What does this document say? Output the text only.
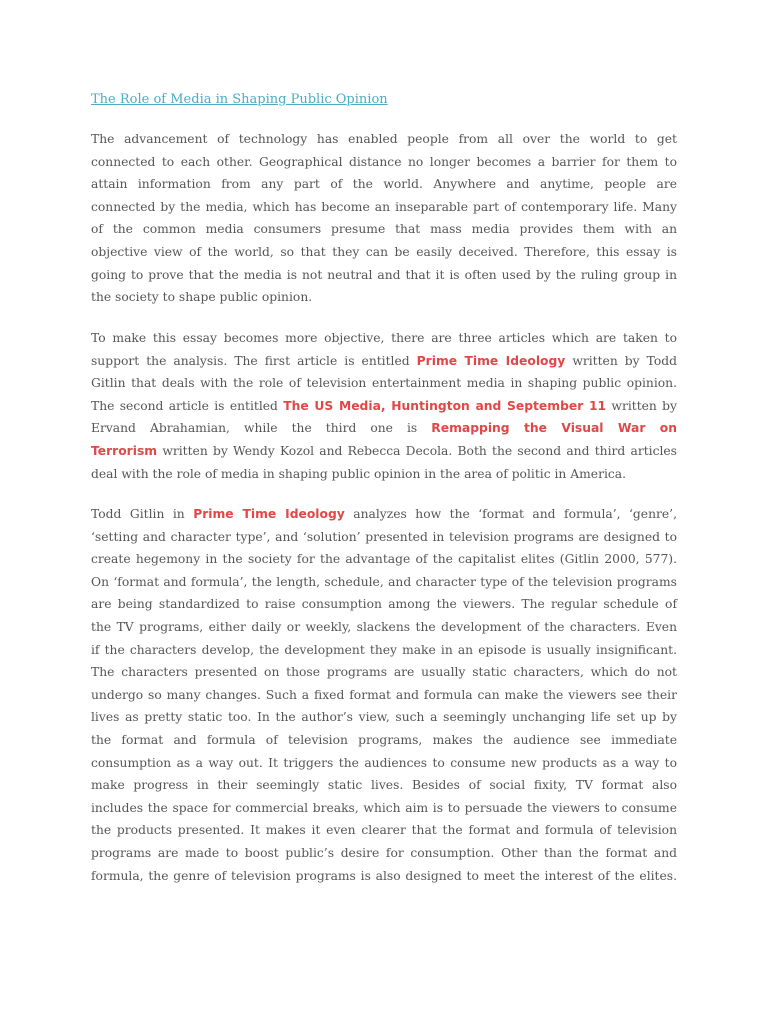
The Role of Media in Shaping Public Opinion
The advancement of technology has enabled people from all over the world to get
connected to each other. Geographical distance no longer becomes a barrier for them to
attain information from any part of the world. Anywhere and anytime, people are
connected by the media, which has become an inseparable part of contemporary life. Many
of the common media consumers presume that mass media provides them with an
objective view of the world, so that they can be easily deceived. Therefore, this essay is
going to prove that the media is not neutral and that it is often used by the ruling group in
the society to shape public opinion.
To make this essay becomes more objective, there are three articles which are taken to
support the analysis. The first article is entitled Prime Time Ideology written by Todd
Gitlin that deals with the role of television entertainment media in shaping public opinion.
The second article is entitled The US Media, Huntington and September 11 written by
Ervand Abrahamian, while the third one is Remapping the Visual War on
Terrorism written by Wendy Kozol and Rebecca Decola. Both the second and third articles
deal with the role of media in shaping public opinion in the area of politic in America.
Todd Gitlin in Prime Time Ideology analyzes how the ‘format and formula’, ‘genre’,
‘setting and character type’, and ‘solution’ presented in television programs are designed to
create hegemony in the society for the advantage of the capitalist elites (Gitlin 2000, 577).
On ‘format and formula’, the length, schedule, and character type of the television programs
are being standardized to raise consumption among the viewers. The regular schedule of
the TV programs, either daily or weekly, slackens the development of the characters. Even
if the characters develop, the development they make in an episode is usually insignificant.
The characters presented on those programs are usually static characters, which do not
undergo so many changes. Such a fixed format and formula can make the viewers see their
lives as pretty static too. In the author’s view, such a seemingly unchanging life set up by
the format and formula of television programs, makes the audience see immediate
consumption as a way out. It triggers the audiences to consume new products as a way to
make progress in their seemingly static lives. Besides of social fixity, TV format also
includes the space for commercial breaks, which aim is to persuade the viewers to consume
the products presented. It makes it even clearer that the format and formula of television
programs are made to boost public’s desire for consumption. Other than the format and
formula, the genre of television programs is also designed to meet the interest of the elites.
